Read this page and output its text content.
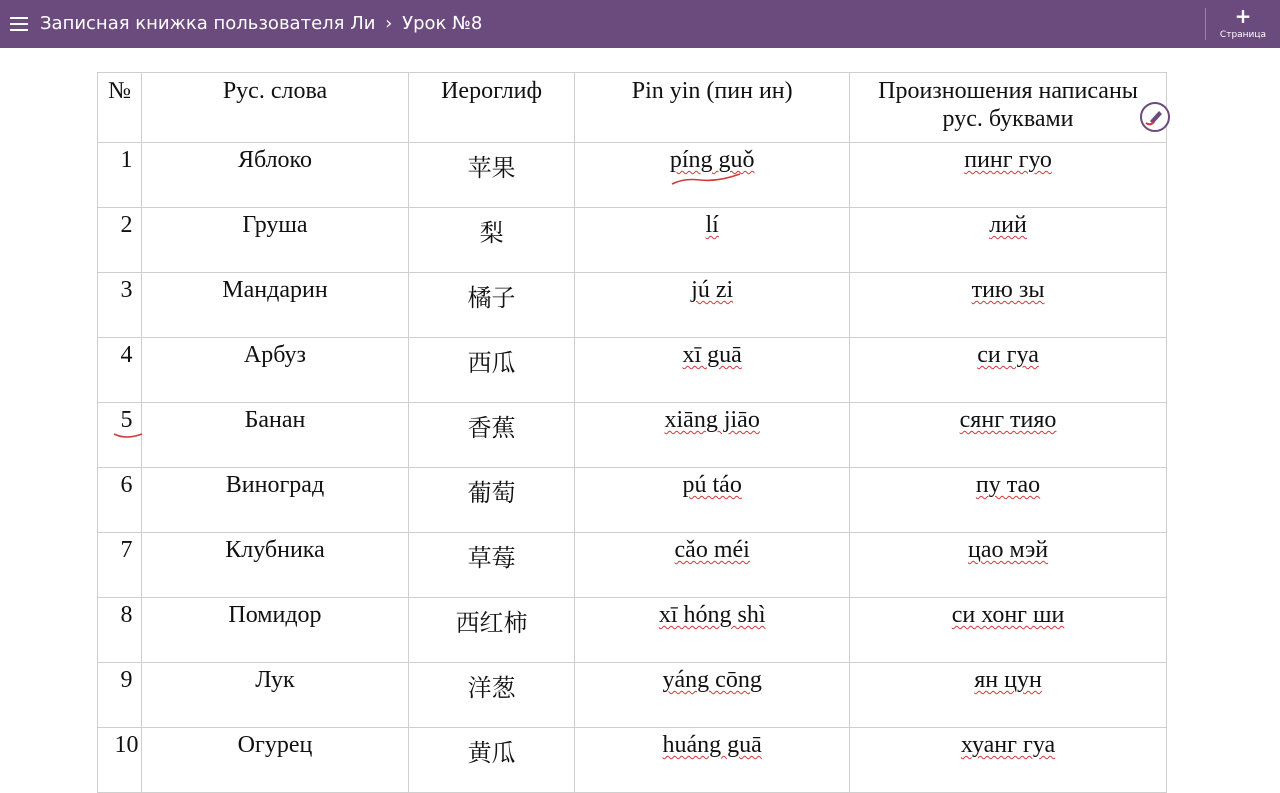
Записная книжка пользователя Ли › Урок №8	+
Страница
№	Рус. слова	Иероглиф	Pin yin (пин ин)	Произношения написаны
рус. буквами

1	Яблоко	苹果	píng guǒ	пинг гуо
2	Груша	梨	lí	лий
3	Мандарин	橘子	jú zi	тию зы
4	Арбуз	西瓜	xī guā	си гуа
5	Банан	香蕉	xiāng jiāo	сянг тияо
6	Виноград	葡萄	pú táo	пу тао
7	Клубника	草莓	cǎo méi	цао мэй
8	Помидор	西红柿	xī hóng shì	си хонг ши
9	Лук	洋葱	yáng cōng	ян цун
10	Огурец	黄瓜	huáng guā	хуанг гуа
